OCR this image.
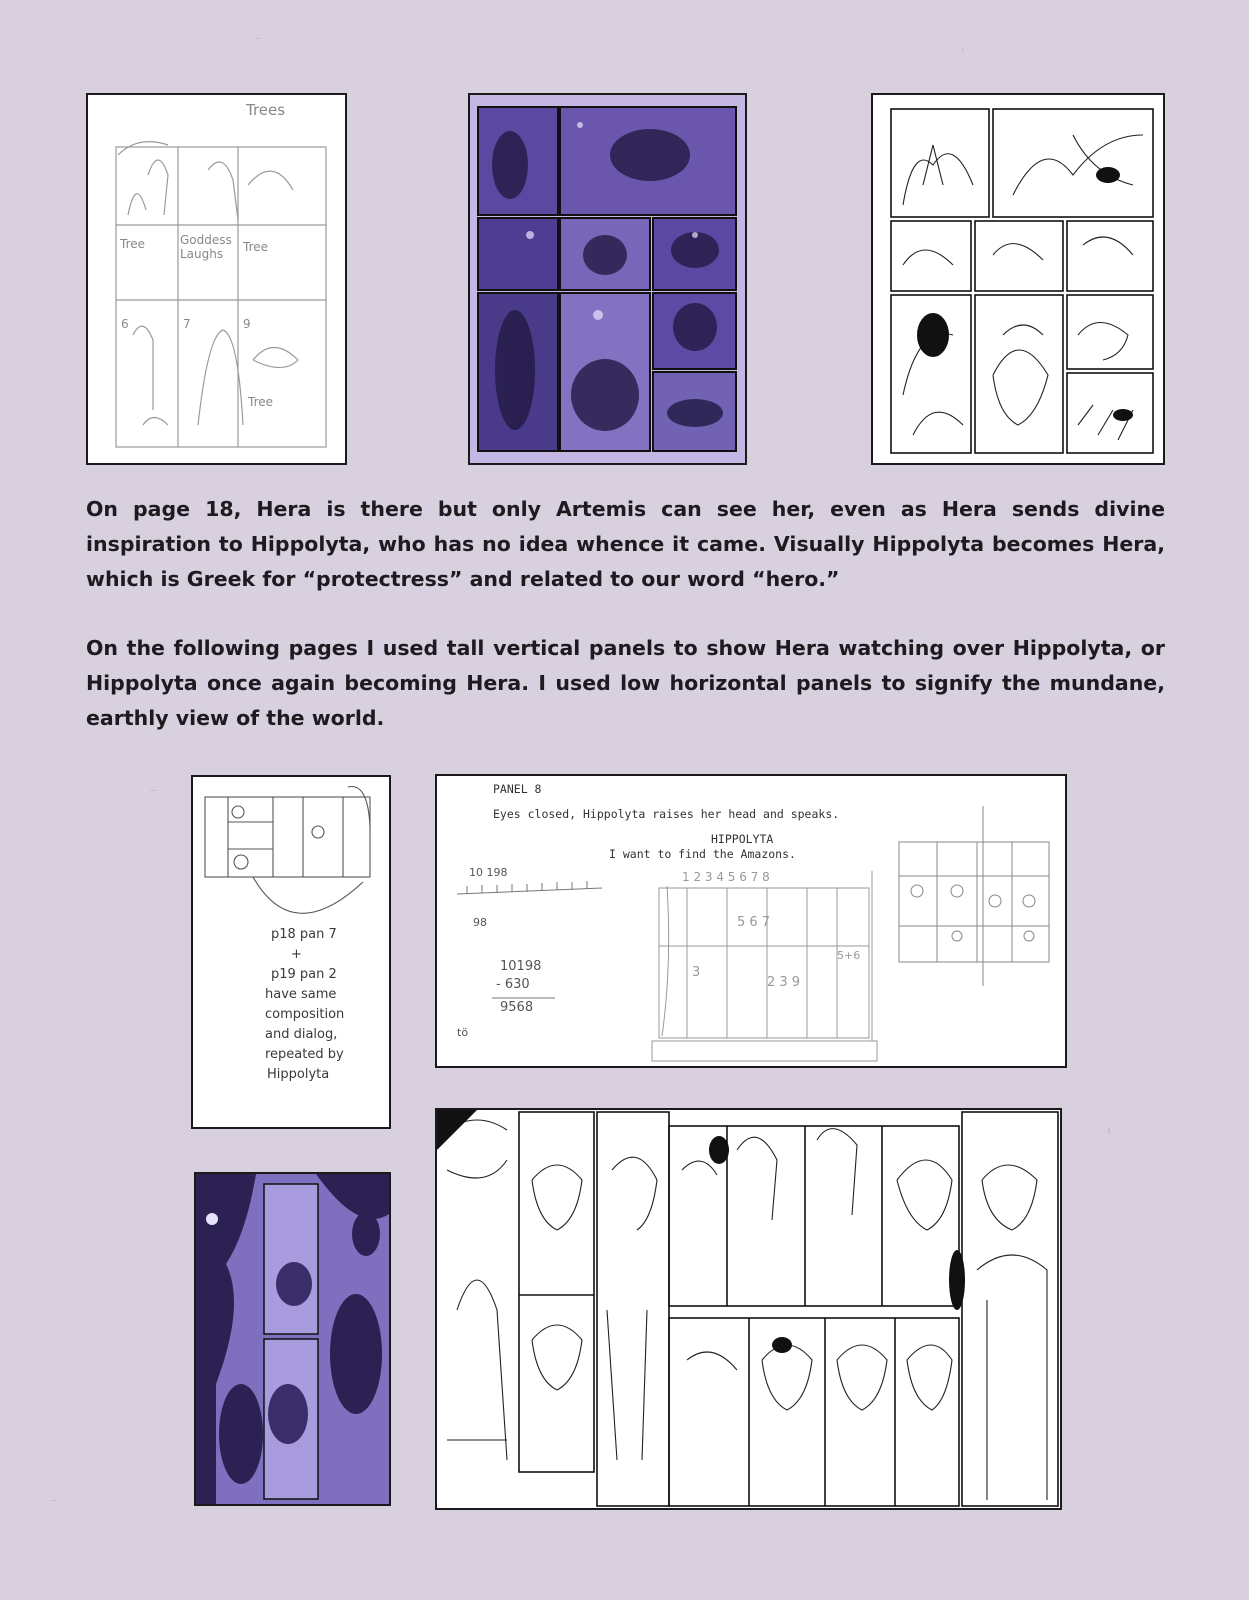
Trees
Tree	Goddess Laughs	Tree
Tree
6	7	9

On page 18, Hera is there but only Artemis can see her, even as Hera sends divine inspiration to Hippolyta, who has no idea whence it came. Visually Hippolyta becomes Hera, which is Greek for “protectress” and related to our word “hero.”

On the following pages I used tall vertical panels to show Hera watching over Hippolyta, or Hippolyta once again becoming Hera. I used low horizontal panels to signify the mundane, earthly view of the world.

p18 pan 7
+
p19 pan 2
have same
composition
and dialog,
repeated by
Hippolyta
10 198
98
tö
1 2 3 4 5 6 7 8
5 6 7
3
2 3 9
5+6
PANEL 8
Eyes closed, Hippolyta raises her head and speaks.
HIPPOLYTA
I want to find the Amazons.
10198
- 630
9568
